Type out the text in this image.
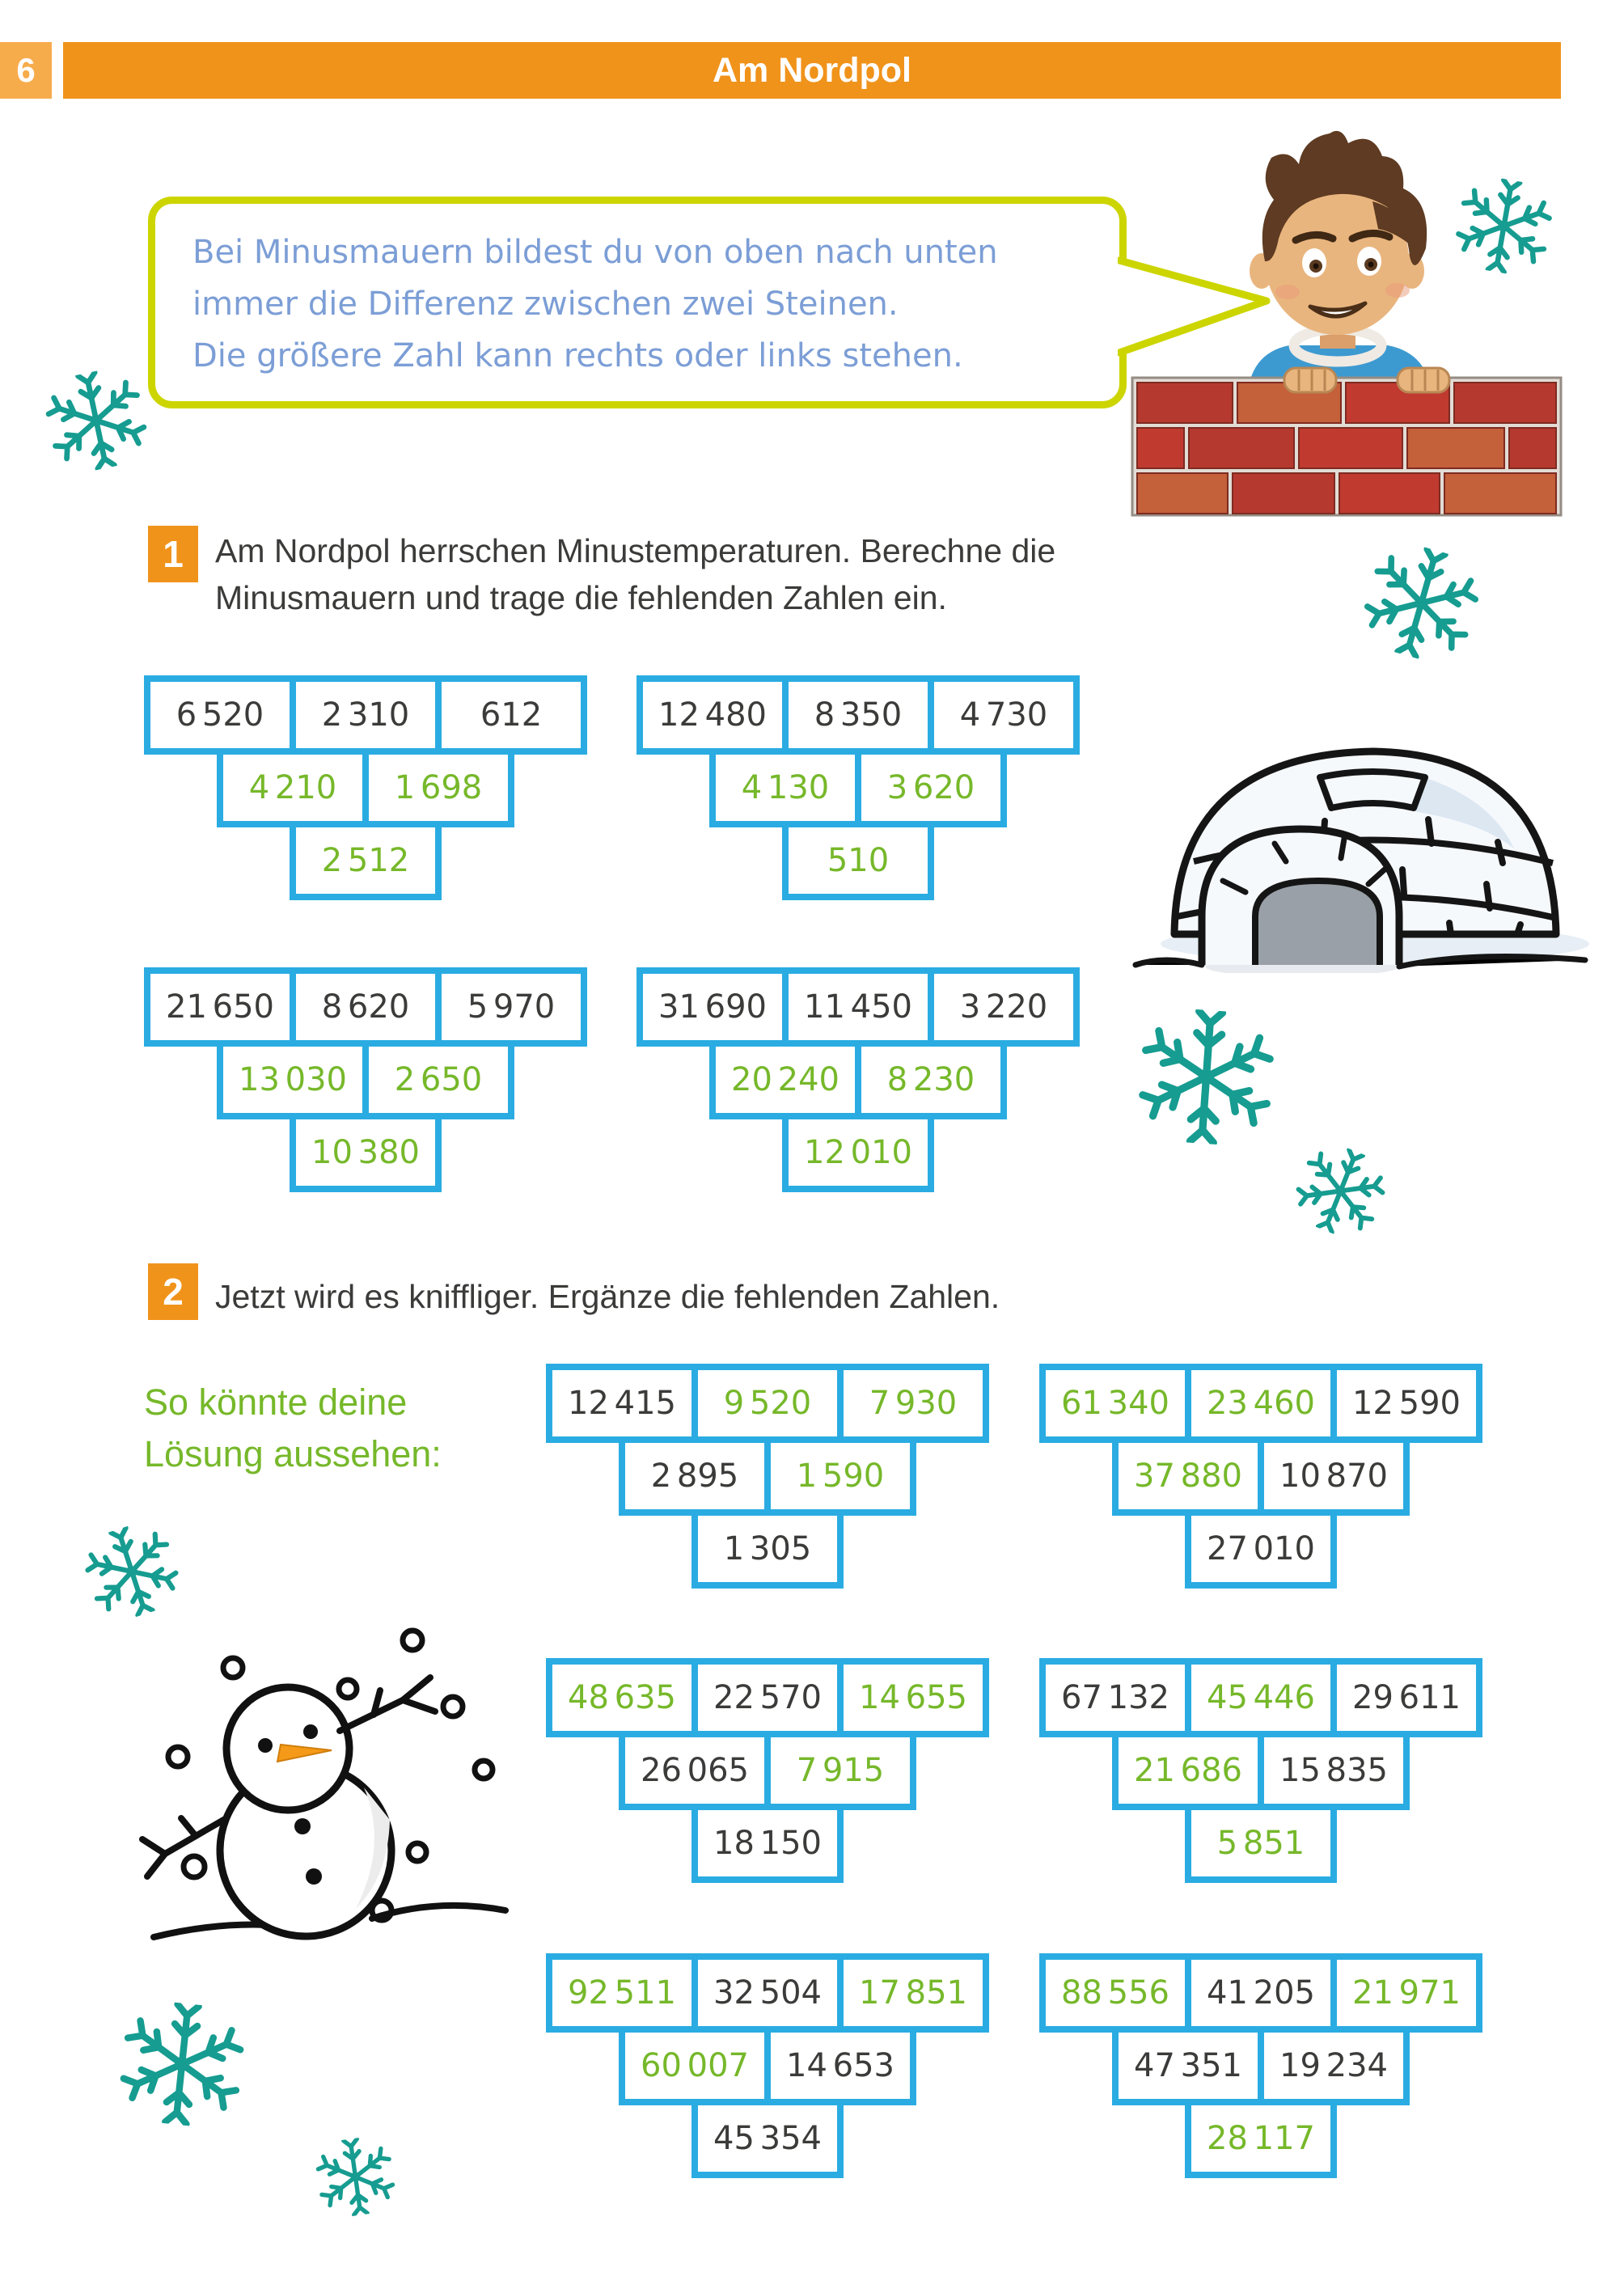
6	Am Nordpol
Bei Minusmauern bildest du von oben nach unten
immer die Differenz zwischen zwei Steinen.
Die größere Zahl kann rechts oder links stehen.
1 Am Nordpol herrschen Minustemperaturen. Berechne die
Minusmauern und trage die fehlenden Zahlen ein.
6 520	2 310	612
4 210	1 698
2 512
12 480	8 350	4 730
4 130	3 620
510
21 650	8 620	5 970
13 030	2 650
10 380
31 690	11 450	3 220
20 240	8 230
12 010
2 Jetzt wird es kniffliger. Ergänze die fehlenden Zahlen.
So könnte deine
Lösung aussehen:
12 415	9 520	7 930
2 895	1 590
1 305
61 340	23 460	12 590
37 880	10 870
27 010
48 635	22 570	14 655
26 065	7 915
18 150
67 132	45 446	29 611
21 686	15 835
5 851
92 511	32 504	17 851
60 007	14 653
45 354
88 556	41 205	21 971
47 351	19 234
28 117
